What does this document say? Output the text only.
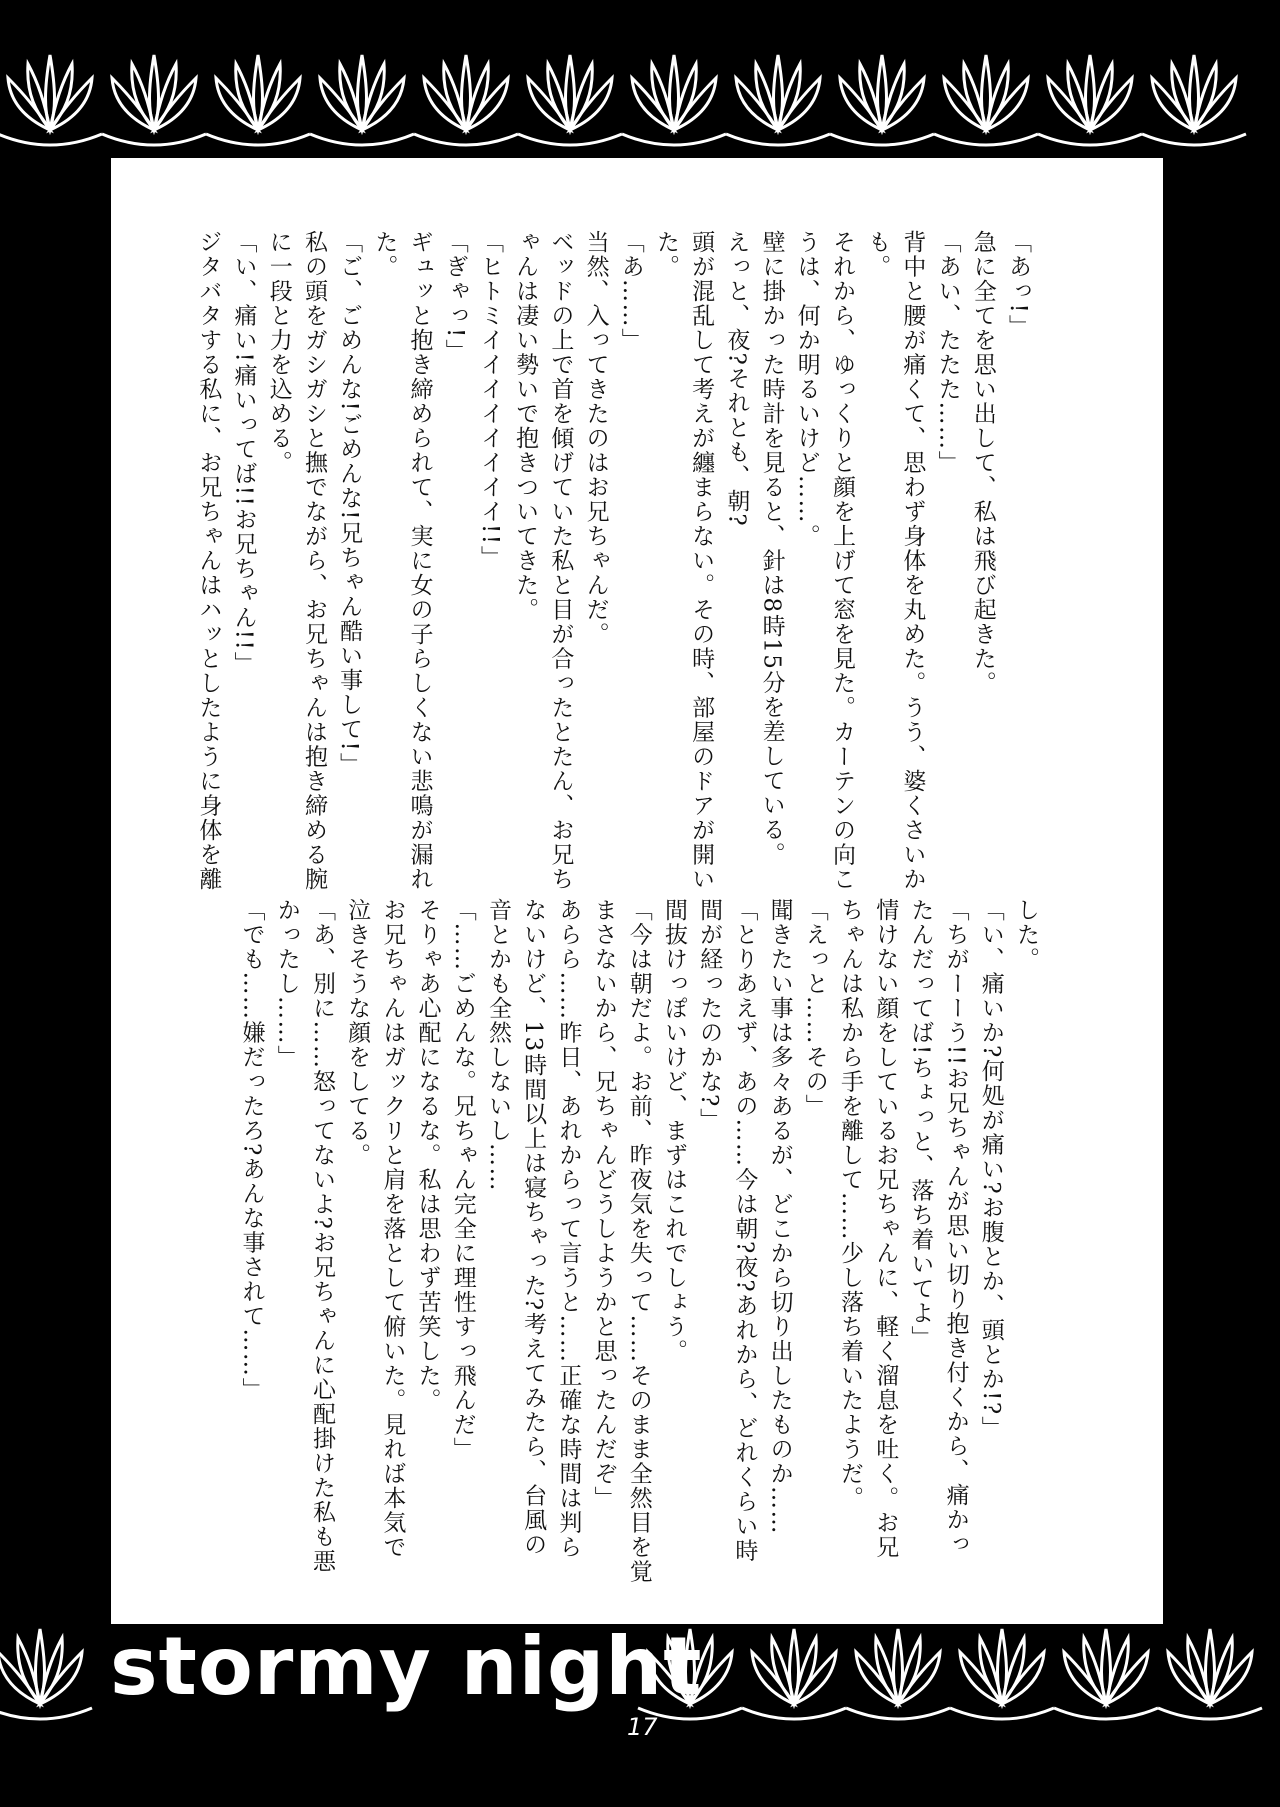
「あっ!」
急に全てを思い出して、私は飛び起きた。
「あい、たたた……」
背中と腰が痛くて、思わず身体を丸めた。うう、婆くさいか
も。
それから、ゆっくりと顔を上げて窓を見た。カーテンの向こ
うは、何か明るいけど……。
壁に掛かった時計を見ると、針は8時15分を差している。
えっと、夜?それとも、朝?
頭が混乱して考えが纏まらない。その時、部屋のドアが開い
た。
「あ……」
当然、入ってきたのはお兄ちゃんだ。
ベッドの上で首を傾げていた私と目が合ったとたん、お兄ち
ゃんは凄い勢いで抱きついてきた。
「ヒトミイイイイイイイイ!!」
「ぎゃっ!」
ギュッと抱き締められて、実に女の子らしくない悲鳴が漏れ
た。
「ご、ごめんな!ごめんな!兄ちゃん酷い事して!」
私の頭をガシガシと撫でながら、お兄ちゃんは抱き締める腕
に一段と力を込める。
「い、痛い!痛いってば!!お兄ちゃん!!」
ジタバタする私に、お兄ちゃんはハッとしたように身体を離
した。
「い、痛いか?何処が痛い?お腹とか、頭とか!?」
「ちがーーう!!お兄ちゃんが思い切り抱き付くから、痛かっ
たんだってば!ちょっと、落ち着いてよ」
情けない顔をしているお兄ちゃんに、軽く溜息を吐く。お兄
ちゃんは私から手を離して……少し落ち着いたようだ。
「えっと……その」
聞きたい事は多々あるが、どこから切り出したものか……
「とりあえず、あの……今は朝?夜?あれから、どれくらい時
間が経ったのかな?」
間抜けっぽいけど、まずはこれでしょう。
「今は朝だよ。お前、昨夜気を失って……そのまま全然目を覚
まさないから、兄ちゃんどうしようかと思ったんだぞ」
あらら……昨日、あれからって言うと……正確な時間は判ら
ないけど、13時間以上は寝ちゃった?考えてみたら、台風の
音とかも全然しないし……
「……ごめんな。兄ちゃん完全に理性すっ飛んだ」
そりゃあ心配になるな。私は思わず苦笑した。
お兄ちゃんはガックリと肩を落として俯いた。見れば本気で
泣きそうな顔をしてる。
「あ、別に……怒ってないよ?お兄ちゃんに心配掛けた私も悪
かったし……」
「でも……嫌だったろ?あんな事されて……」
stormy night
17
